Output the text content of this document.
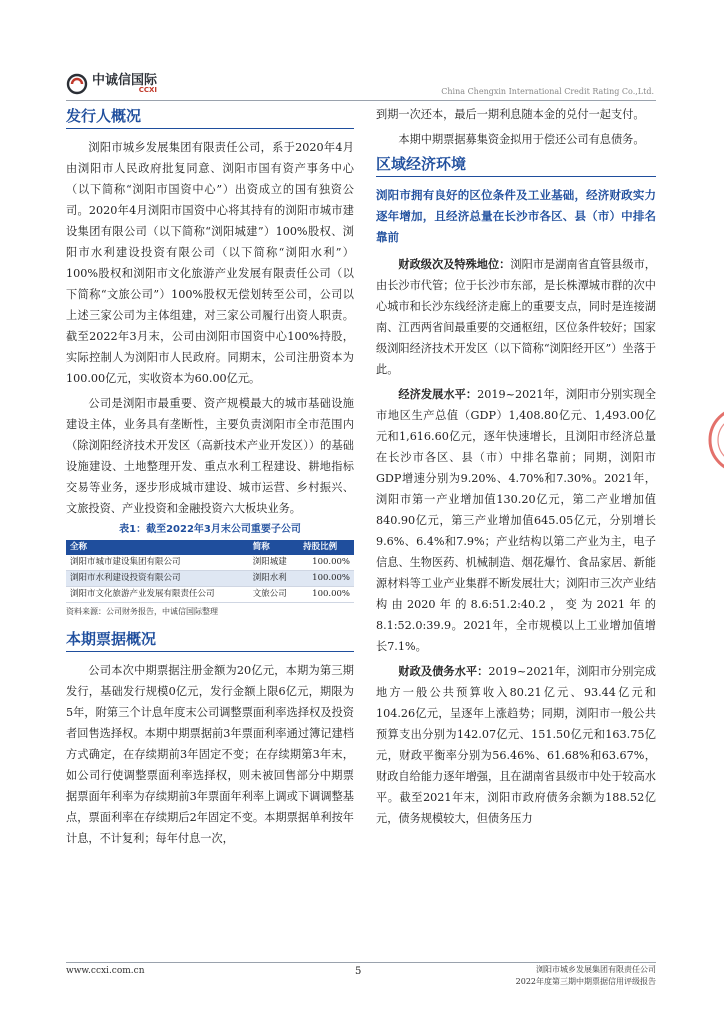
中诚信国际
CCXI	China Chengxin International Credit Rating Co.,Ltd.
发行人概况

浏阳市城乡发展集团有限责任公司，系于2020年4月由浏阳市人民政府批复同意、浏阳市国有资产事务中心（以下简称“浏阳市国资中心”）出资成立的国有独资公司。2020年4月浏阳市国资中心将其持有的浏阳市城市建设集团有限公司（以下简称“浏阳城建”）100%股权、浏阳市水利建设投资有限公司（以下简称“浏阳水利”）100%股权和浏阳市文化旅游产业发展有限责任公司（以下简称“文旅公司”）100%股权无偿划转至公司，公司以上述三家公司为主体组建，对三家公司履行出资人职责。截至2022年3月末，公司由浏阳市国资中心100%持股，实际控制人为浏阳市人民政府。同期末，公司注册资本为100.00亿元，实收资本为60.00亿元。

公司是浏阳市最重要、资产规模最大的城市基础设施建设主体，业务具有垄断性，主要负责浏阳市全市范围内（除浏阳经济技术开发区（高新技术产业开发区））的基础设施建设、土地整理开发、重点水利工程建设、耕地指标交易等业务，逐步形成城市建设、城市运营、乡村振兴、文旅投资、产业投资和金融投资六大板块业务。

表1：截至2022年3月末公司重要子公司
全称	简称	持股比例
浏阳市城市建设集团有限公司	浏阳城建	100.00%
浏阳市水利建设投资有限公司	浏阳水利	100.00%
浏阳市文化旅游产业发展有限责任公司	文旅公司	100.00%
资料来源：公司财务报告，中诚信国际整理
本期票据概况

公司本次中期票据注册金额为20亿元，本期为第三期发行，基础发行规模0亿元，发行金额上限6亿元，期限为5年，附第三个计息年度末公司调整票面利率选择权及投资者回售选择权。本期中期票据前3年票面利率通过簿记建档方式确定，在存续期前3年固定不变；在存续期第3年末，如公司行使调整票面利率选择权，则未被回售部分中期票据票面年利率为存续期前3年票面年利率上调或下调调整基点，票面利率在存续期后2年固定不变。本期票据单利按年计息，不计复利；每年付息一次，

到期一次还本，最后一期利息随本金的兑付一起支付。

本期中期票据募集资金拟用于偿还公司有息债务。

区域经济环境
浏阳市拥有良好的区位条件及工业基础，经济财政实力逐年增加，且经济总量在长沙市各区、县（市）中排名靠前

财政级次及特殊地位：浏阳市是湖南省直管县级市，由长沙市代管；位于长沙市东部，是长株潭城市群的次中心城市和长沙东线经济走廊上的重要支点，同时是连接湖南、江西两省间最重要的交通枢纽，区位条件较好；国家级浏阳经济技术开发区（以下简称“浏阳经开区”）坐落于此。

经济发展水平：2019~2021年，浏阳市分别实现全市地区生产总值（GDP）1,408.80亿元、1,493.00亿元和1,616.60亿元，逐年快速增长，且浏阳市经济总量在长沙市各区、县（市）中排名靠前；同期，浏阳市GDP增速分别为9.20%、4.70%和7.30%。2021年，浏阳市第一产业增加值130.20亿元，第二产业增加值840.90亿元，第三产业增加值645.05亿元，分别增长9.6%、6.4%和7.9%；产业结构以第二产业为主，电子信息、生物医药、机械制造、烟花爆竹、食品家居、新能源材料等工业产业集群不断发展壮大；浏阳市三次产业结构由2020年的8.6:51.2:40.2，变为2021年的8.1:52.0:39.9。2021年，全市规模以上工业增加值增长7.1%。

财政及债务水平：2019~2021年，浏阳市分别完成地方一般公共预算收入80.21亿元、93.44亿元和104.26亿元，呈逐年上涨趋势；同期，浏阳市一般公共预算支出分别为142.07亿元、151.50亿元和163.75亿元，财政平衡率分别为56.46%、61.68%和63.67%，财政自给能力逐年增强，且在湖南省县级市中处于较高水平。截至2021年末，浏阳市政府债务余额为188.52亿元，债务规模较大，但债务压力

www.ccxi.com.cn	5	浏阳市城乡发展集团有限责任公司
2022年度第三期中期票据信用评级报告
